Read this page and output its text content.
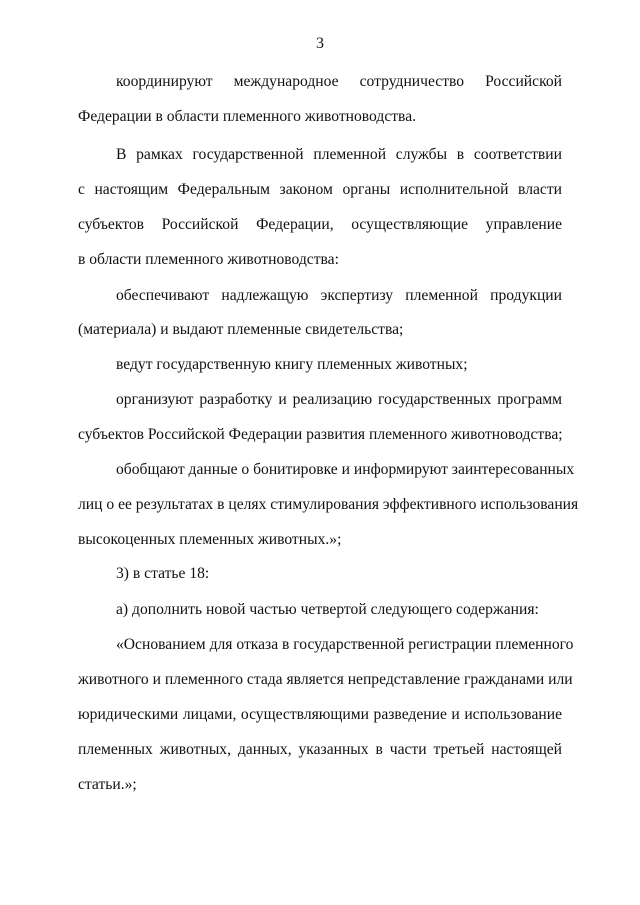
3
координируют международное сотрудничество Российской
Федерации в области племенного животноводства.
В рамках государственной племенной службы в соответствии
с настоящим Федеральным законом органы исполнительной власти
субъектов Российской Федерации, осуществляющие управление
в области племенного животноводства:
обеспечивают надлежащую экспертизу племенной продукции
(материала) и выдают племенные свидетельства;
ведут государственную книгу племенных животных;
организуют разработку и реализацию государственных программ
субъектов Российской Федерации развития племенного животноводства;
обобщают данные о бонитировке и информируют заинтересованных
лиц о ее результатах в целях стимулирования эффективного использования
высокоценных племенных животных.»;
3) в статье 18:
а) дополнить новой частью четвертой следующего содержания:
«Основанием для отказа в государственной регистрации племенного
животного и племенного стада является непредставление гражданами или
юридическими лицами, осуществляющими разведение и использование
племенных животных, данных, указанных в части третьей настоящей
статьи.»;
